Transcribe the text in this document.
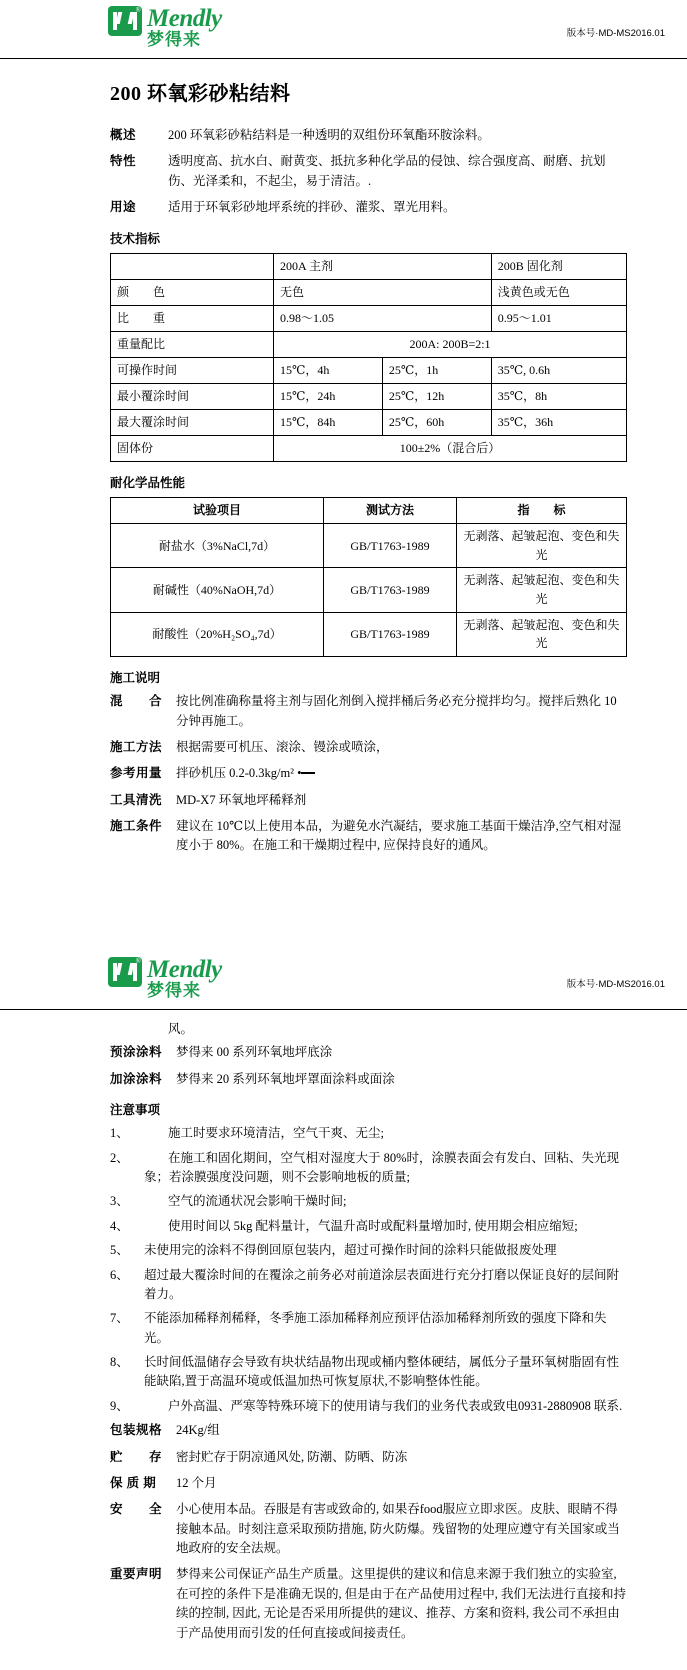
® Mendly
梦得来	版本号·MD-MS2016.01
200 环氧彩砂粘结料
概述	200 环氧彩砂粘结料是一种透明的双组份环氧酯环胺涂料。
特性	透明度高、抗水白、耐黄变、抵抗多种化学品的侵蚀、综合强度高、耐磨、抗划伤、光泽柔和，不起尘，易于清洁。.
用途	适用于环氧彩砂地坪系统的拌砂、灌浆、罩光用料。
技术指标
	200A 主剂		200B 固化剂
颜　　色	无色		浅黄色或无色
比　　重	0.98～1.05		0.95～1.01
重量配比	200A: 200B=2:1		
可操作时间	15℃，4h	25℃，1h	35℃, 0.6h
最小覆涂时间	15℃，24h	25℃，12h	35℃，8h
最大覆涂时间	15℃，84h	25℃，60h	35℃，36h
固体份	100±2%（混合后）		
耐化学品性能
试验项目	测试方法	指　　标
耐盐水（3%NaCl,7d）	GB/T1763-1989	无剥落、起皱起泡、变色和失光
耐碱性（40%NaOH,7d）	GB/T1763-1989	无剥落、起皱起泡、变色和失光
耐酸性（20%H₂SO₄,7d）	GB/T1763-1989	无剥落、起皱起泡、变色和失光
施工说明
混　　合	按比例准确称量将主剂与固化剂倒入搅拌桶后务必充分搅拌均匀。搅拌后熟化 10 分钟再施工。
施工方法	根据需要可机压、滚涂、镘涂或喷涂，
参考用量	拌砂机压 0.2-0.3kg/m² •
工具清洗	MD-X7 环氧地坪稀释剂
施工条件	建议在 10℃以上使用本品，为避免水汽凝结，要求施工基面干燥洁净,空气相对湿度小于 80%。在施工和干燥期过程中, 应保持良好的通风。
® Mendly
梦得来	版本号·MD-MS2016.01
风。
预涂涂料	梦得来 00 系列环氧地坪底涂
加涂涂料	梦得来 20 系列环氧地坪罩面涂料或面涂
注意事项
1、	施工时要求环境清洁，空气干爽、无尘;
2、	在施工和固化期间，空气相对湿度大于 80%时，涂膜表面会有发白、回粘、失光现象；若涂膜强度没问题，则不会影响地板的质量;
3、	空气的流通状况会影响干燥时间;
4、	使用时间以 5kg 配料量计，气温升高时或配料量增加时, 使用期会相应缩短;
5、	未使用完的涂料不得倒回原包装内，超过可操作时间的涂料只能做报废处理
6、	超过最大覆涂时间的在覆涂之前务必对前道涂层表面进行充分打磨以保证良好的层间附着力。
7、	不能添加稀释剂稀释，冬季施工添加稀释剂应预评估添加稀释剂所致的强度下降和失光。
8、	长时间低温储存会导致有块状结晶物出现或桶内整体硬结，属低分子量环氧树脂固有性能缺陷,置于高温环境或低温加热可恢复原状,不影响整体性能。
9、	户外高温、严寒等特殊环境下的使用请与我们的业务代表或致电0931-2880908 联系.
包装规格	24Kg/组
贮　　存	密封贮存于阴凉通风处, 防潮、防晒、防冻
保 质 期	12 个月
安　　全	小心使用本品。吞服是有害或致命的, 如果吞food服应立即求医。皮肤、眼睛不得接触本品。时刻注意采取预防措施, 防火防爆。残留物的处理应遵守有关国家或当地政府的安全法规。
重要声明	梦得来公司保证产品生产质量。这里提供的建议和信息来源于我们独立的实验室, 在可控的条件下是准确无误的, 但是由于在产品使用过程中, 我们无法进行直接和持续的控制, 因此, 无论是否采用所提供的建议、推荐、方案和资料, 我公司不承担由于产品使用而引发的任何直接或间接责任。
